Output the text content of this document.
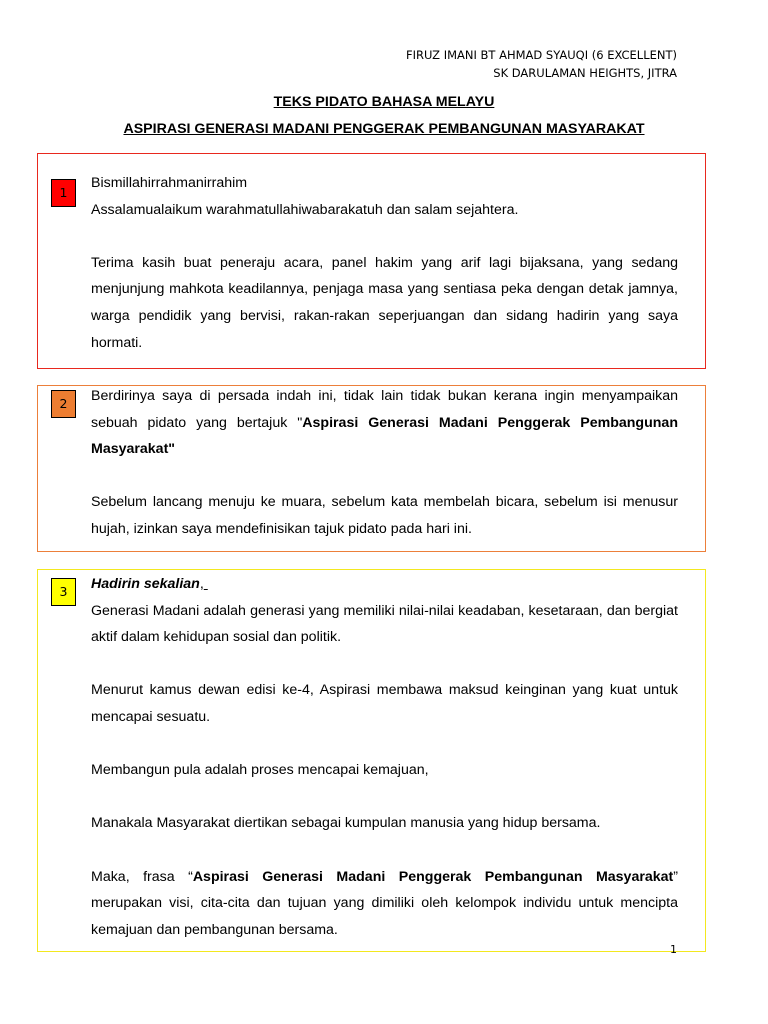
FIRUZ IMANI BT AHMAD SYAUQI (6 EXCELLENT)
SK DARULAMAN HEIGHTS, JITRA
TEKS PIDATO BAHASA MELAYU
ASPIRASI GENERASI MADANI PENGGERAK PEMBANGUNAN MASYARAKAT
1

Bismillahirrahmanirrahim

Assalamualaikum warahmatullahiwabarakatuh dan salam sejahtera.

Terima kasih buat peneraju acara, panel hakim yang arif lagi bijaksana, yang sedang menjunjung mahkota keadilannya, penjaga masa yang sentiasa peka dengan detak jamnya, warga pendidik yang bervisi, rakan-rakan seperjuangan dan sidang hadirin yang saya hormati.

2	Berdirinya saya di persada indah ini, tidak lain tidak bukan kerana ingin menyampaikan sebuah pidato yang bertajuk "Aspirasi Generasi Madani Penggerak Pembangunan Masyarakat"

Sebelum lancang menuju ke muara, sebelum kata membelah bicara, sebelum isi menusur hujah, izinkan saya mendefinisikan tajuk pidato pada hari ini.

3	Hadirin sekalian,

Generasi Madani adalah generasi yang memiliki nilai-nilai keadaban, kesetaraan, dan bergiat aktif dalam kehidupan sosial dan politik.

Menurut kamus dewan edisi ke-4, Aspirasi membawa maksud keinginan yang kuat untuk mencapai sesuatu.

Membangun pula adalah proses mencapai kemajuan,

Manakala Masyarakat diertikan sebagai kumpulan manusia yang hidup bersama.

Maka, frasa “Aspirasi Generasi Madani Penggerak Pembangunan Masyarakat” merupakan visi, cita-cita dan tujuan yang dimiliki oleh kelompok individu untuk mencipta kemajuan dan pembangunan bersama.

1
